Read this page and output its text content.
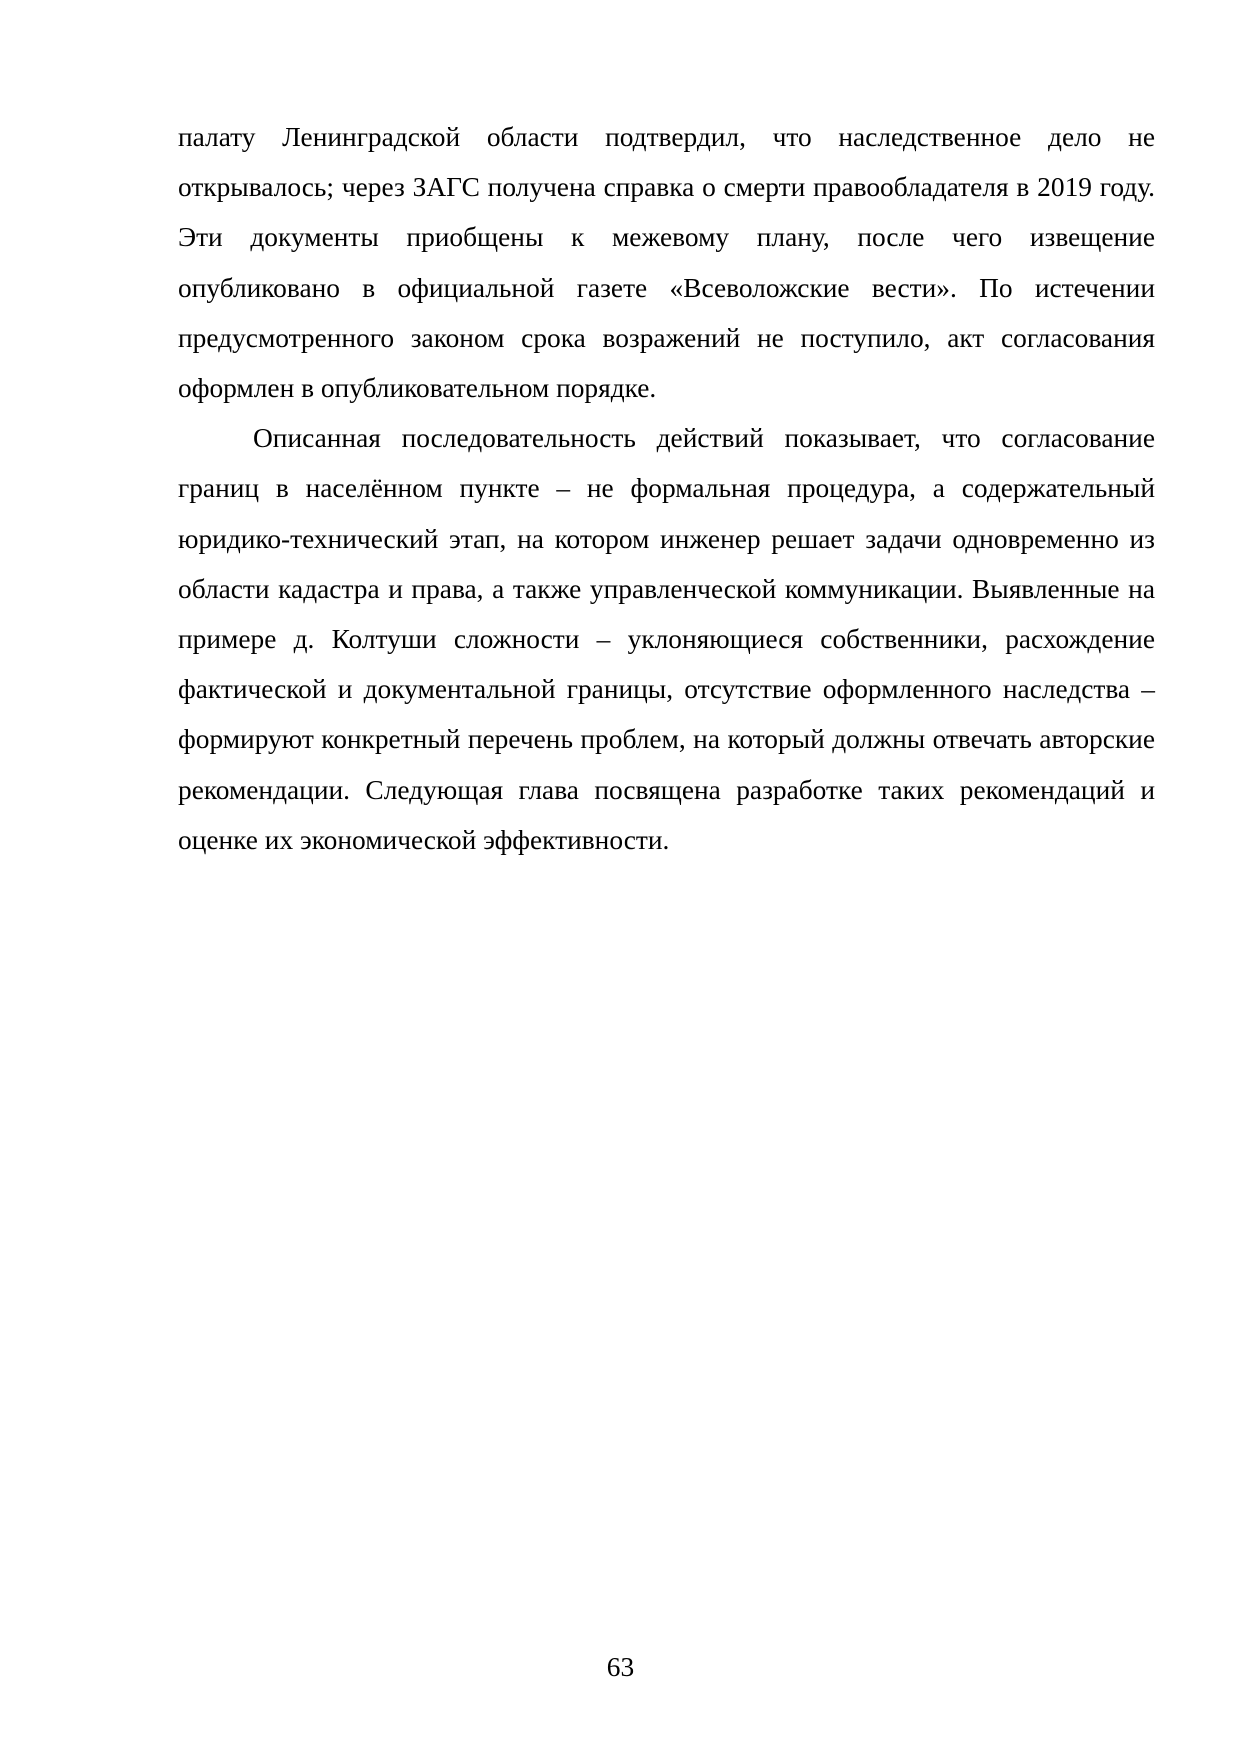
палату Ленинградской области подтвердил, что наследственное дело не открывалось; через ЗАГС получена справка о смерти правообладателя в 2019 году. Эти документы приобщены к межевому плану, после чего извещение опубликовано в официальной газете «Всеволожские вести». По истечении предусмотренного законом срока возражений не поступило, акт согласования оформлен в опубликовательном порядке.

Описанная последовательность действий показывает, что согласование границ в населённом пункте – не формальная процедура, а содержательный юридико-технический этап, на котором инженер решает задачи одновременно из области кадастра и права, а также управленческой коммуникации. Выявленные на примере д. Колтуши сложности – уклоняющиеся собственники, расхождение фактической и документальной границы, отсутствие оформленного наследства – формируют конкретный перечень проблем, на который должны отвечать авторские рекомендации. Следующая глава посвящена разработке таких рекомендаций и оценке их экономической эффективности.

63
